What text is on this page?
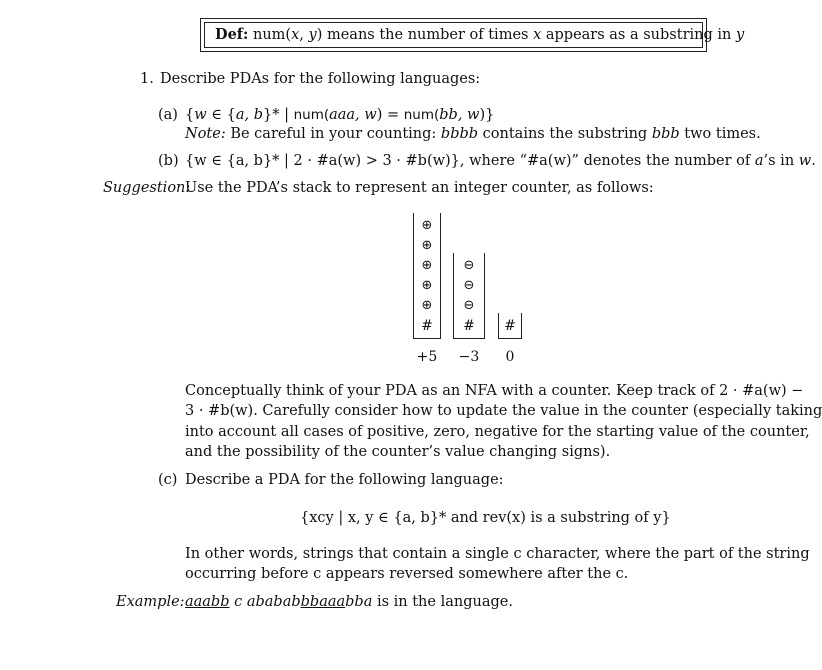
Def: num(x, y) means the number of times x appears as a substring in y
1. Describe PDAs for the following languages:
(a) {w ∈ {a, b}* | num(aaa, w) = num(bb, w)}
Note: Be careful in your counting: bbbb contains the substring bbb two times.
(b) {w ∈ {a, b}* | 2 · #a(w) > 3 · #b(w)}, where “#a(w)” denotes the number of a’s in w.
Suggestion:
Use the PDA’s stack to represent an integer counter, as follows:
⊕
⊕
⊕
⊕
⊕
#
⊖
⊖
⊖
#	#
+5	−3	0
Conceptually think of your PDA as an NFA with a counter. Keep track of 2 · #a(w) −
3 · #b(w). Carefully consider how to update the value in the counter (especially taking
into account all cases of positive, zero, negative for the starting value of the counter,
and the possibility of the counter’s value changing signs).
(c) Describe a PDA for the following language:
{xcy | x, y ∈ {a, b}* and rev(x) is a substring of y}
In other words, strings that contain a single c character, where the part of the string
occurring before c appears reversed somewhere after the c.
Example: aaabb c abababbbaaabba is in the language.
